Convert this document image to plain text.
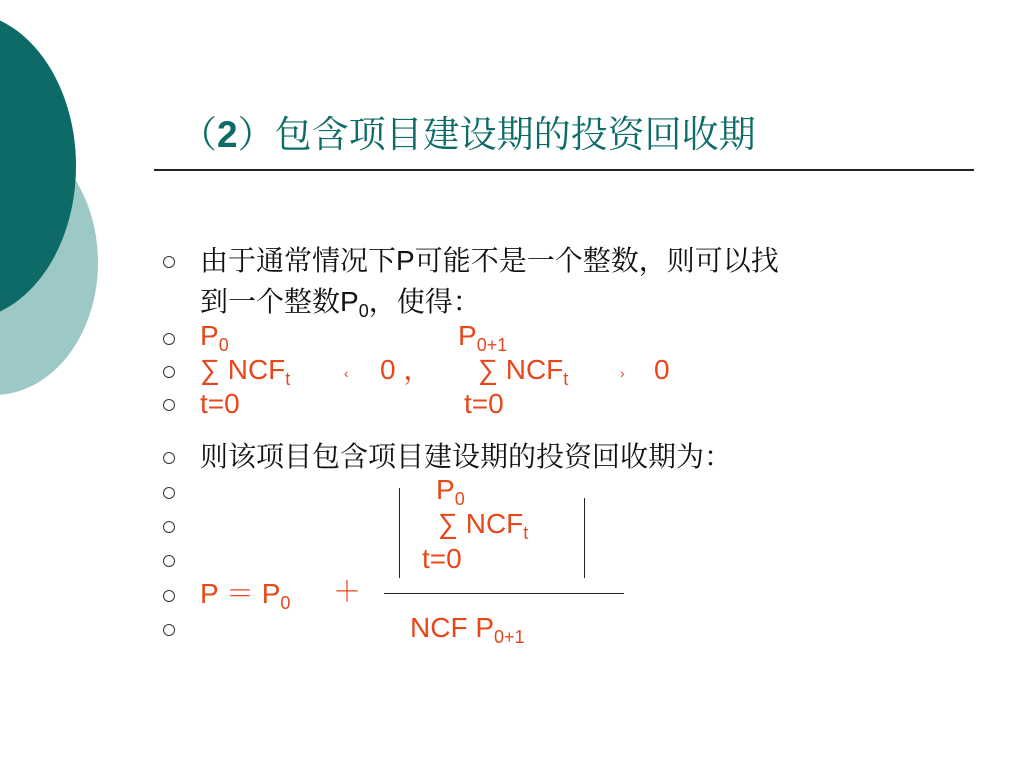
（2）包含项目建设期的投资回收期
由于通常情况下P可能不是一个整数，则可以找
到一个整数$P_0$，使得：
$P_0$	$P_{0+1}$
∑ $NCF_t$	‹ 0 ， ∑ $NCF_t$	› 0
t=0	t=0
则该项目包含项目建设期的投资回收期为：
$P_0$
∑ $NCF_t$
t=0
$P = P_0$ ＋
NCF $P_{0+1}$
